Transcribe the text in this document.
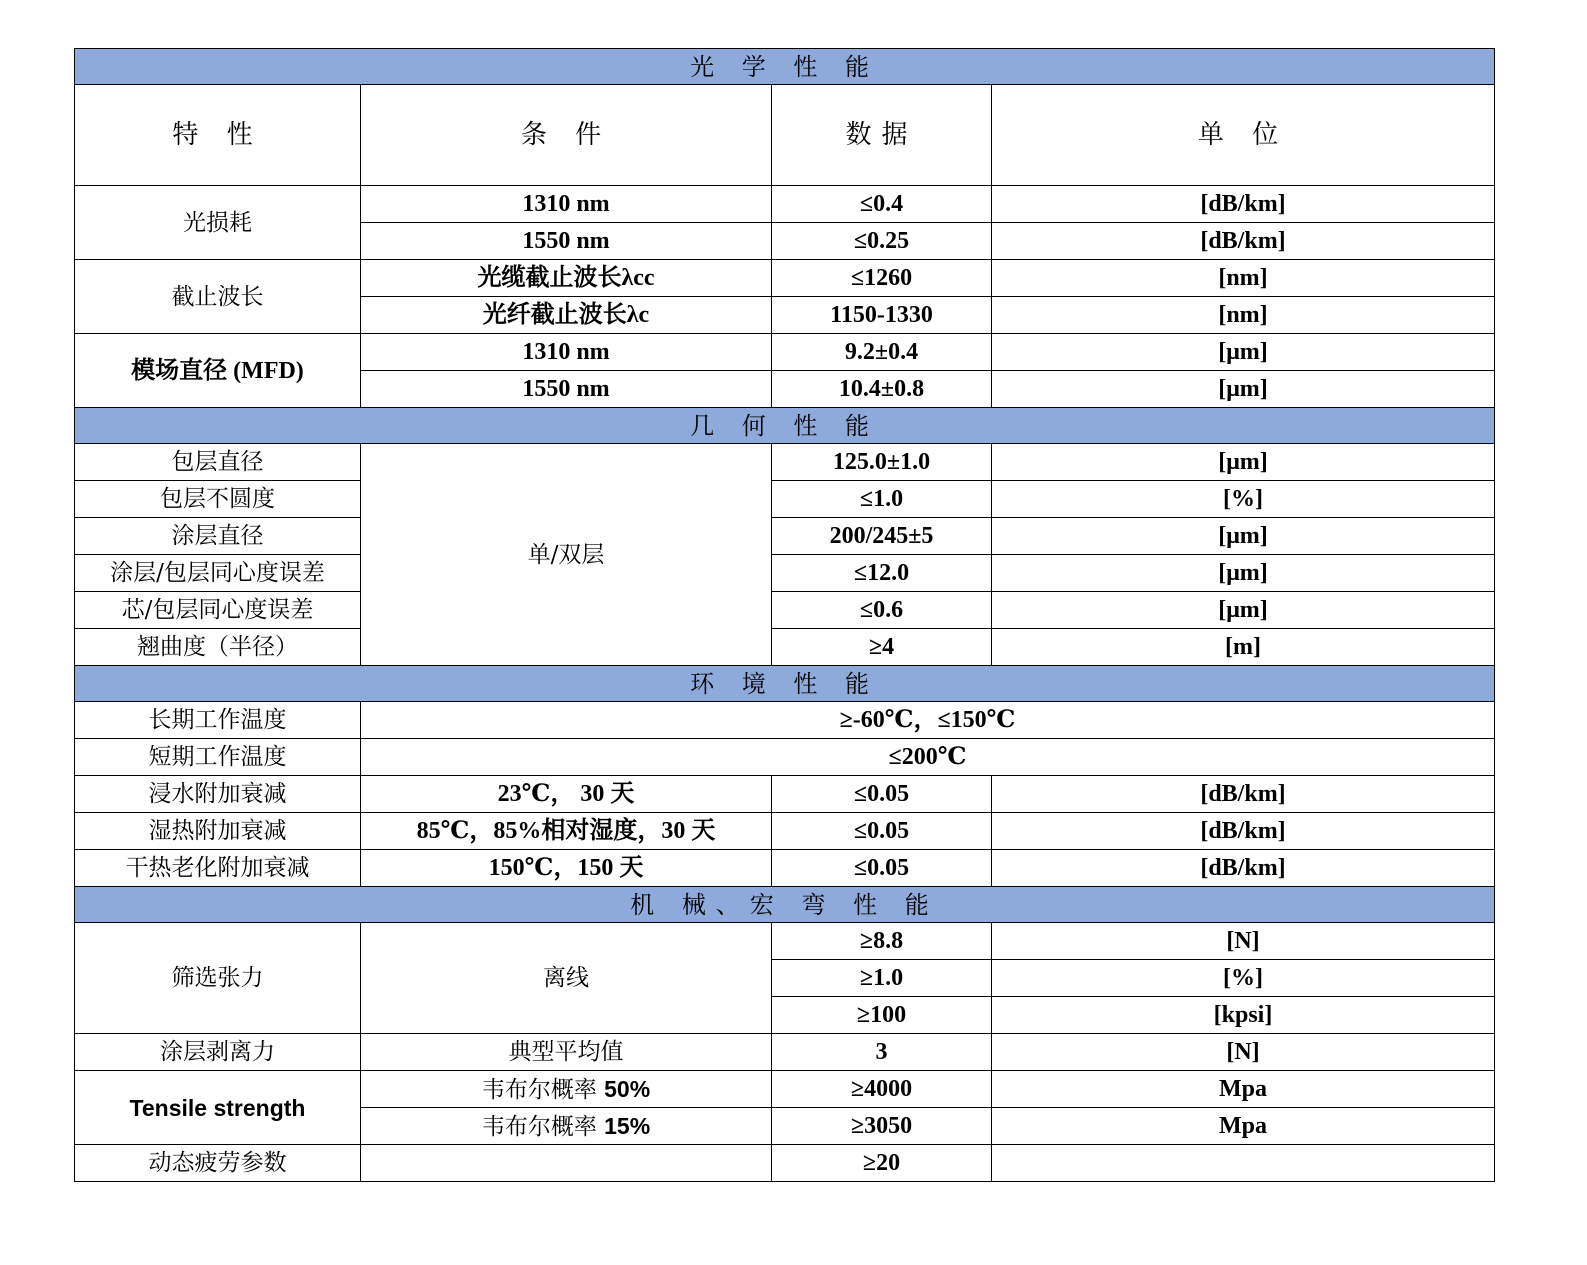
光 学 性 能			
特 性	条 件	数据	单 位
光损耗	1310 nm	≤0.4	[dB/km]
	1550 nm	≤0.25	[dB/km]
截止波长	光缆截止波长λcc	≤1260	[nm]
	光纤截止波长λc	1150-1330	[nm]
模场直径 (MFD)	1310 nm	9.2±0.4	[μm]
	1550 nm	10.4±0.8	[μm]
几 何 性 能			
包层直径	单/双层	125.0±1.0	[μm]
包层不圆度		≤1.0	[%]
涂层直径		200/245±5	[μm]
涂层/包层同心度误差		≤12.0	[μm]
芯/包层同心度误差		≤0.6	[μm]
翘曲度（半径）		≥4	[m]
环 境 性 能			
长期工作温度	≥-60℃，≤150℃		
短期工作温度	≤200℃		
浸水附加衰减	23℃， 30 天	≤0.05	[dB/km]
湿热附加衰减	85℃，85%相对湿度，30 天	≤0.05	[dB/km]
干热老化附加衰减	150℃，150 天	≤0.05	[dB/km]
机 械、宏 弯 性 能			
筛选张力	离线	≥8.8	[N]
		≥1.0	[%]
		≥100	[kpsi]
涂层剥离力	典型平均值	3	[N]
Tensile strength	韦布尔概率 50%	≥4000	Mpa
	韦布尔概率 15%	≥3050	Mpa
动态疲劳参数		≥20	
